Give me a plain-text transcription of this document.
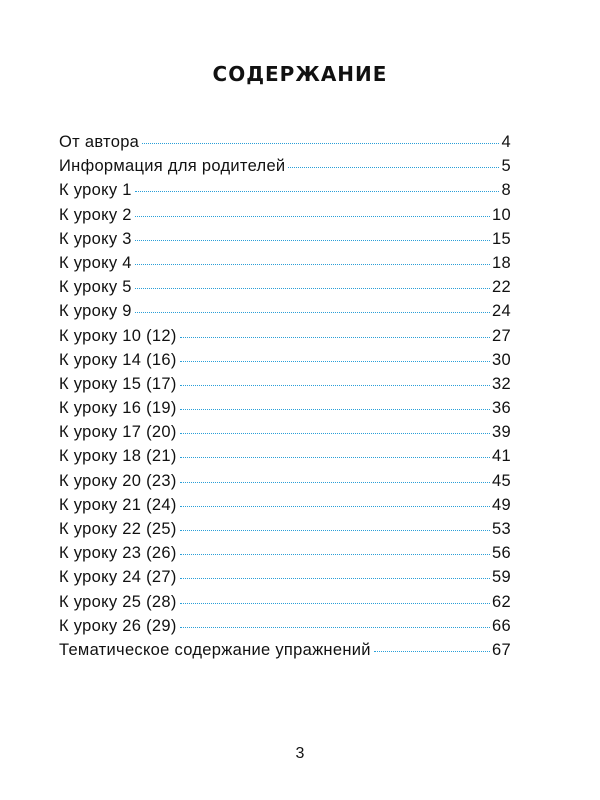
СОДЕРЖАНИЕ
От автора	4
Информация для родителей	5
К уроку 1	8
К уроку 2	10
К уроку 3	15
К уроку 4	18
К уроку 5	22
К уроку 9	24
К уроку 10 (12)	27
К уроку 14 (16)	30
К уроку 15 (17)	32
К уроку 16 (19)	36
К уроку 17 (20)	39
К уроку 18 (21)	41
К уроку 20 (23)	45
К уроку 21 (24)	49
К уроку 22 (25)	53
К уроку 23 (26)	56
К уроку 24 (27)	59
К уроку 25 (28)	62
К уроку 26 (29)	66
Тематическое содержание упражнений	67
3
